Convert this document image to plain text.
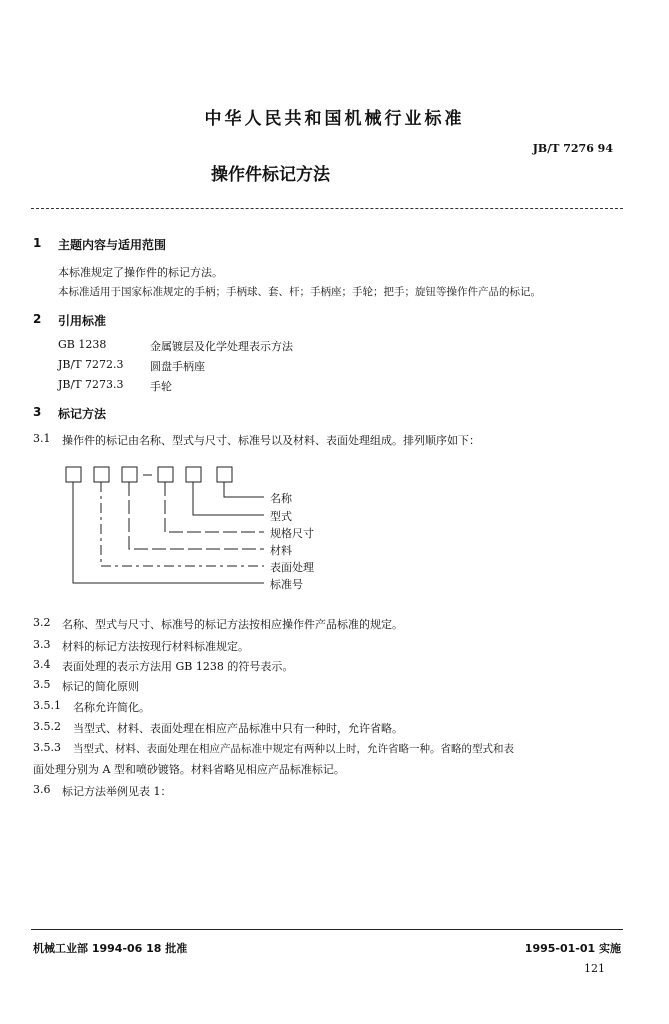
中华人民共和国机械行业标准
JB/T 7276 94
操作件标记方法
1 主题内容与适用范围
本标准规定了操作件的标记方法。
本标准适用于国家标准规定的手柄；手柄球、套、杆；手柄座；手轮；把手；旋钮等操作件产品的标记。
2 引用标准
GB 1238	金属镀层及化学处理表示方法
JB/T 7272.3 圆盘手柄座
JB/T 7273.3 手轮
3 标记方法
3.1 操作件的标记由名称、型式与尺寸、标准号以及材料、表面处理组成。排列顺序如下：
名称
型式
规格尺寸
材料
表面处理
标准号
3.2 名称、型式与尺寸、标准号的标记方法按相应操作件产品标准的规定。
3.3 材料的标记方法按现行材料标准规定。
3.4 表面处理的表示方法用 GB 1238 的符号表示。
3.5 标记的简化原则
3.5.1 名称允许简化。
3.5.2 当型式、材料、表面处理在相应产品标准中只有一种时，允许省略。
3.5.3 当型式、材料、表面处理在相应产品标准中规定有两种以上时，允许省略一种。省略的型式和表
面处理分别为 A 型和喷砂镀铬。材料省略见相应产品标准标记。
3.6 标记方法举例见表 1：
机械工业部 1994-06 18 批准	1995-01-01 实施
121
